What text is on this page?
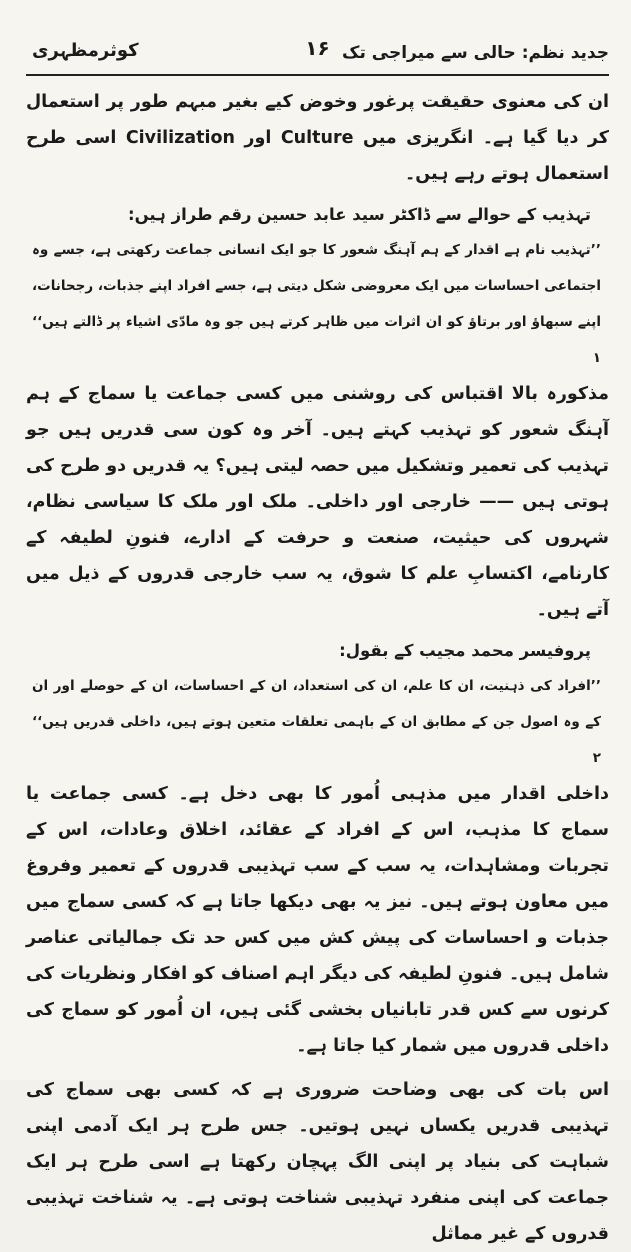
کوثرمظہری	۱۶ جدید نظم: حالی سے میراجی تک

ان کی معنوی حقیقت پرغور وخوض کیے بغیر مبہم طور پر استعمال کر دیا گیا ہے۔ انگریزی میں Culture اور Civilization اسی طرح استعمال ہوتے رہے ہیں۔

تہذیب کے حوالے سے ڈاکٹر سید عابد حسین رقم طراز ہیں:

’’تہذیب نام ہے اقدار کے ہم آہنگ شعور کا جو ایک انسانی جماعت رکھتی ہے، جسے وہ اجتماعی احساسات میں ایک معروضی شکل دیتی ہے، جسے افراد اپنے جذبات، رجحانات، اپنے سبھاؤ اور برتاؤ کو ان اثرات میں ظاہر کرتے ہیں جو وہ مادّی اشیاء پر ڈالتے ہیں‘‘ ۱

مذکورہ بالا اقتباس کی روشنی میں کسی جماعت یا سماج کے ہم آہنگ شعور کو تہذیب کہتے ہیں۔ آخر وہ کون سی قدریں ہیں جو تہذیب کی تعمیر وتشکیل میں حصہ لیتی ہیں؟ یہ قدریں دو طرح کی ہوتی ہیں —— خارجی اور داخلی۔ ملک اور ملک کا سیاسی نظام، شہروں کی حیثیت، صنعت و حرفت کے ادارے، فنونِ لطیفہ کے کارنامے، اکتسابِ علم کا شوق، یہ سب خارجی قدروں کے ذیل میں آتے ہیں۔

پروفیسر محمد مجیب کے بقول:

’’افراد کی ذہنیت، ان کا علم، ان کی استعداد، ان کے احساسات، ان کے حوصلے اور ان کے وہ اصول جن کے مطابق ان کے باہمی تعلقات متعین ہوتے ہیں، داخلی قدریں ہیں‘‘ ۲

داخلی اقدار میں مذہبی اُمور کا بھی دخل ہے۔ کسی جماعت یا سماج کا مذہب، اس کے افراد کے عقائد، اخلاق وعادات، اس کے تجربات ومشاہدات، یہ سب کے سب تہذیبی قدروں کے تعمیر وفروغ میں معاون ہوتے ہیں۔ نیز یہ بھی دیکھا جاتا ہے کہ کسی سماج میں جذبات و احساسات کی پیش کش میں کس حد تک جمالیاتی عناصر شامل ہیں۔ فنونِ لطیفہ کی دیگر اہم اصناف کو افکار ونظریات کی کرنوں سے کس قدر تابانیاں بخشی گئی ہیں، ان اُمور کو سماج کی داخلی قدروں میں شمار کیا جاتا ہے۔

اس بات کی بھی وضاحت ضروری ہے کہ کسی بھی سماج کی تہذیبی قدریں یکساں نہیں ہوتیں۔ جس طرح ہر ایک آدمی اپنی شباہت کی بنیاد پر اپنی الگ پہچان رکھتا ہے اسی طرح ہر ایک جماعت کی اپنی منفرد تہذیبی شناخت ہوتی ہے۔ یہ شناخت تہذیبی قدروں کے غیر مماثل
